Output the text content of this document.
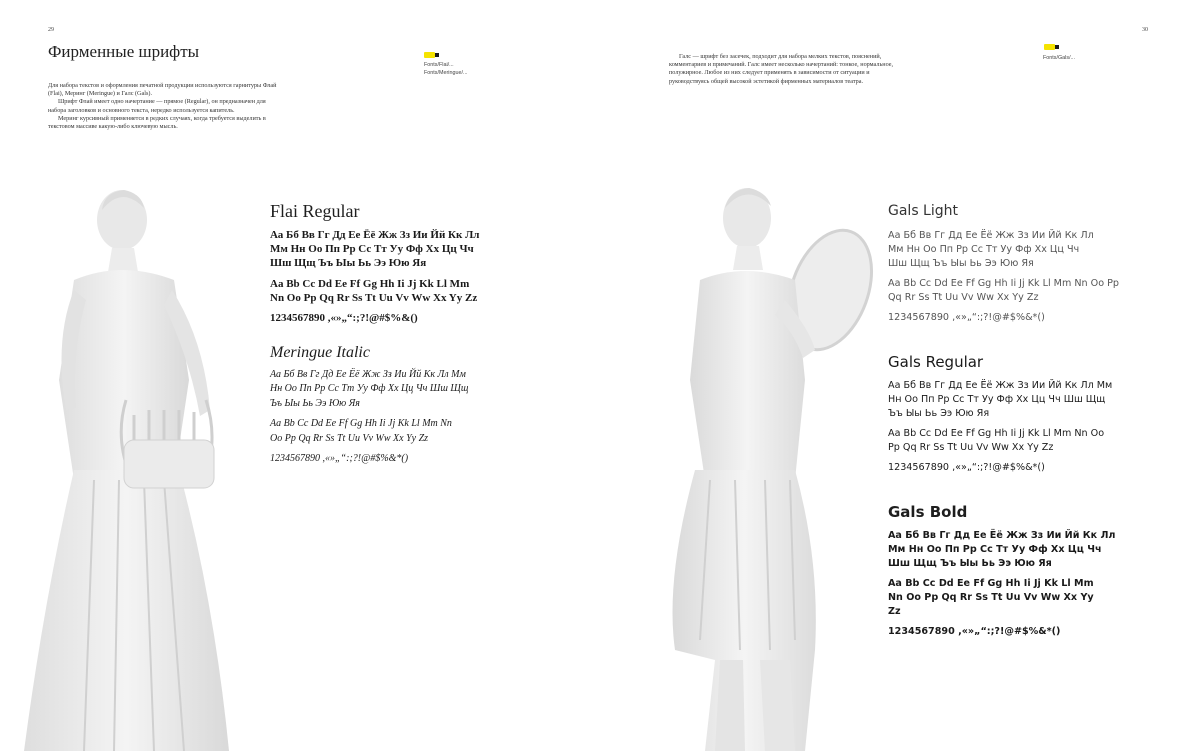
29	30
Фирменные шрифты

Для набора текстов и оформления печатной продукции используются гарнитуры Флай (Flai), Меринг (Meringue) и Галс (Gals).

Шрифт Флай имеет одно начертание — прямое (Regular), он предназначен для набора заголовков и основного текста, нередко используется капитель.

Меринг курсивный применяется в редких случаях, когда требуется выделить в текстовом массиве какую-либо ключевую мысль.

Fonts/Flai/...
Fonts/Meringue/...

Галс — шрифт без засечек, подходит для набора мелких текстов, пояснений, комментариев и примечаний. Галс имеет несколько начертаний: тонкое, нормальное, полужирное. Любое из них следует применять в зависимости от ситуации и руководствуясь общей высокой эстетикой фирменных материалов театра.

Fonts/Gals/...
Flai Regular
Аа Бб Вв Гг Дд Ее Ёё Жж Зз Ии Йй Кк Лл
Мм Нн Оо Пп Рр Сс Тт Уу Фф Хх Цц Чч
Шш Щщ Ъъ Ыы Ьь Ээ Юю Яя
Aa Bb Cc Dd Ee Ff Gg Hh Ii Jj Kk Ll Mm
Nn Oo Pp Qq Rr Ss Tt Uu Vv Ww Xx Yy Zz
1234567890 ,«»„“:;?!@#$%&()
Meringue Italic
Аа Бб Вв Гг Дд Ее Ёё Жж Зз Ии Йй Кк Лл Мм
Нн Оо Пп Рр Сс Тт Уу Фф Хх Цц Чч Шш Щщ
Ъъ Ыы Ьь Ээ Юю Яя
Aa Bb Cc Dd Ee Ff Gg Hh Ii Jj Kk Ll Mm Nn
Oo Pp Qq Rr Ss Tt Uu Vv Ww Xx Yy Zz
1234567890 ,«»„“:;?!@#$%&*()
Gals Light
Аа Бб Вв Гг Дд Ее Ёё Жж Зз Ии Йй Кк Лл
Мм Нн Оо Пп Рр Сс Тт Уу Фф Хх Цц Чч
Шш Щщ Ъъ Ыы Ьь Ээ Юю Яя
Aa Bb Cc Dd Ee Ff Gg Hh Ii Jj Kk Ll Mm Nn Oo Pp
Qq Rr Ss Tt Uu Vv Ww Xx Yy Zz
1234567890 ,«»„“:;?!@#$%&*()
Gals Regular
Аа Бб Вв Гг Дд Ее Ёё Жж Зз Ии Йй Кк Лл Мм
Нн Оо Пп Рр Сс Тт Уу Фф Хх Цц Чч Шш Щщ
Ъъ Ыы Ьь Ээ Юю Яя
Aa Bb Cc Dd Ee Ff Gg Hh Ii Jj Kk Ll Mm Nn Oo
Pp Qq Rr Ss Tt Uu Vv Ww Xx Yy Zz
1234567890 ,«»„“:;?!@#$%&*()
Gals Bold
Аа Бб Вв Гг Дд Ее Ёё Жж Зз Ии Йй Кк Лл
Мм Нн Оо Пп Рр Сс Тт Уу Фф Хх Цц Чч
Шш Щщ Ъъ Ыы Ьь Ээ Юю Яя
Aa Bb Cc Dd Ee Ff Gg Hh Ii Jj Kk Ll Mm
Nn Oo Pp Qq Rr Ss Tt Uu Vv Ww Xx Yy
Zz
1234567890 ,«»„“:;?!@#$%&*()
